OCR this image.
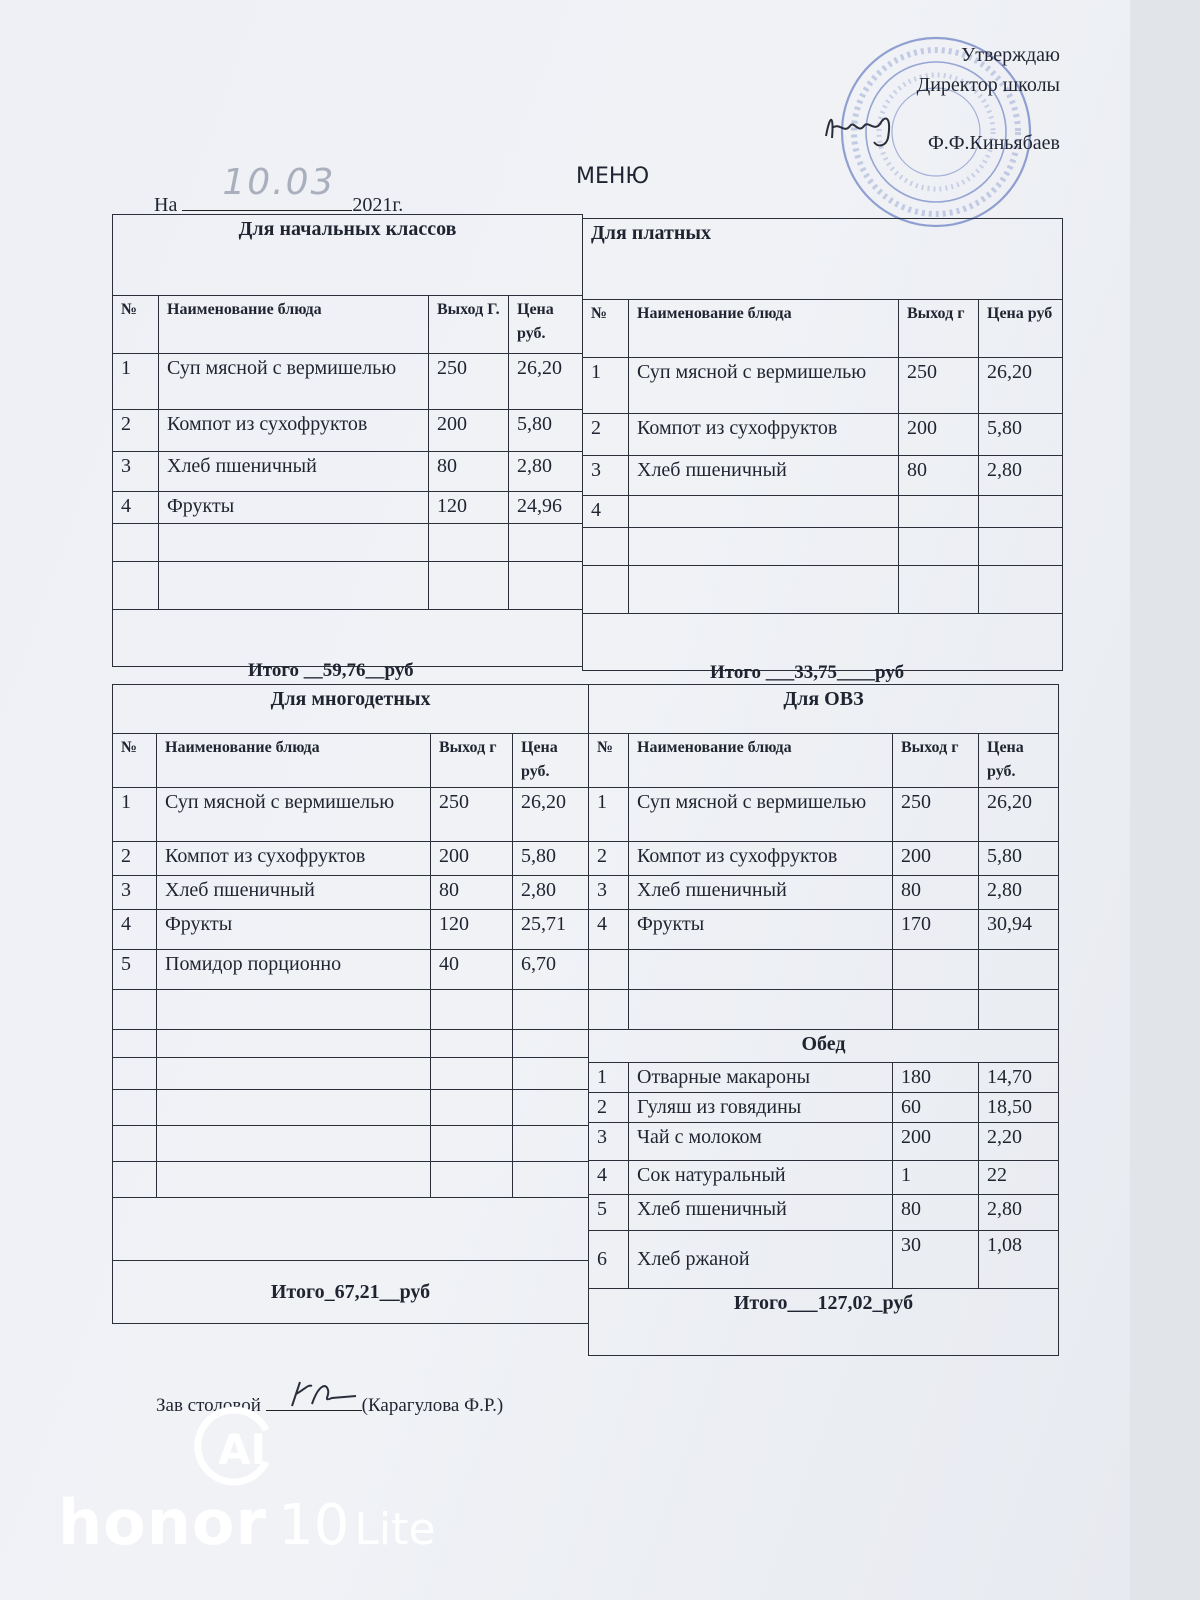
Утверждаю
Директор школы
Ф.Ф.Киньябаев
МЕНЮ
На
10.03
2021г.
Для начальных классов			
№	Наименование блюда	Выход Г.	Цена руб.
1	Суп мясной с вермишелью	250	26,20
2	Компот из сухофруктов	200	5,80
3	Хлеб пшеничный	80	2,80
4	Фрукты	120	24,96

Для платных			
№	Наименование блюда	Выход г	Цена руб
1	Суп мясной с вермишелью	250	26,20
2	Компот из сухофруктов	200	5,80
3	Хлеб пшеничный	80	2,80
4			

Итого __59,76__руб	Итого ___33,75____руб
Для многодетных			
№	Наименование блюда	Выход г	Цена руб.
1	Суп мясной с вермишелью	250	26,20
2	Компот из сухофруктов	200	5,80
3	Хлеб пшеничный	80	2,80
4	Фрукты	120	25,71
5	Помидор порционно	40	6,70

Итого_67,21__руб			
Для ОВЗ			
№	Наименование блюда	Выход г	Цена руб.
1	Суп мясной с вермишелью	250	26,20
2	Компот из сухофруктов	200	5,80
3	Хлеб пшеничный	80	2,80
4	Фрукты	170	30,94

Обед			
1	Отварные макароны	180	14,70
2	Гуляш из говядины	60	18,50
3	Чай с молоком	200	2,20
4	Сок натуральный	1	22
5	Хлеб пшеничный	80	2,80
6	Хлеб ржаной	30	1,08
Итого___127,02_руб			
Зав столовой	(Карагулова Ф.Р.)
AI
honor 10 Lite
